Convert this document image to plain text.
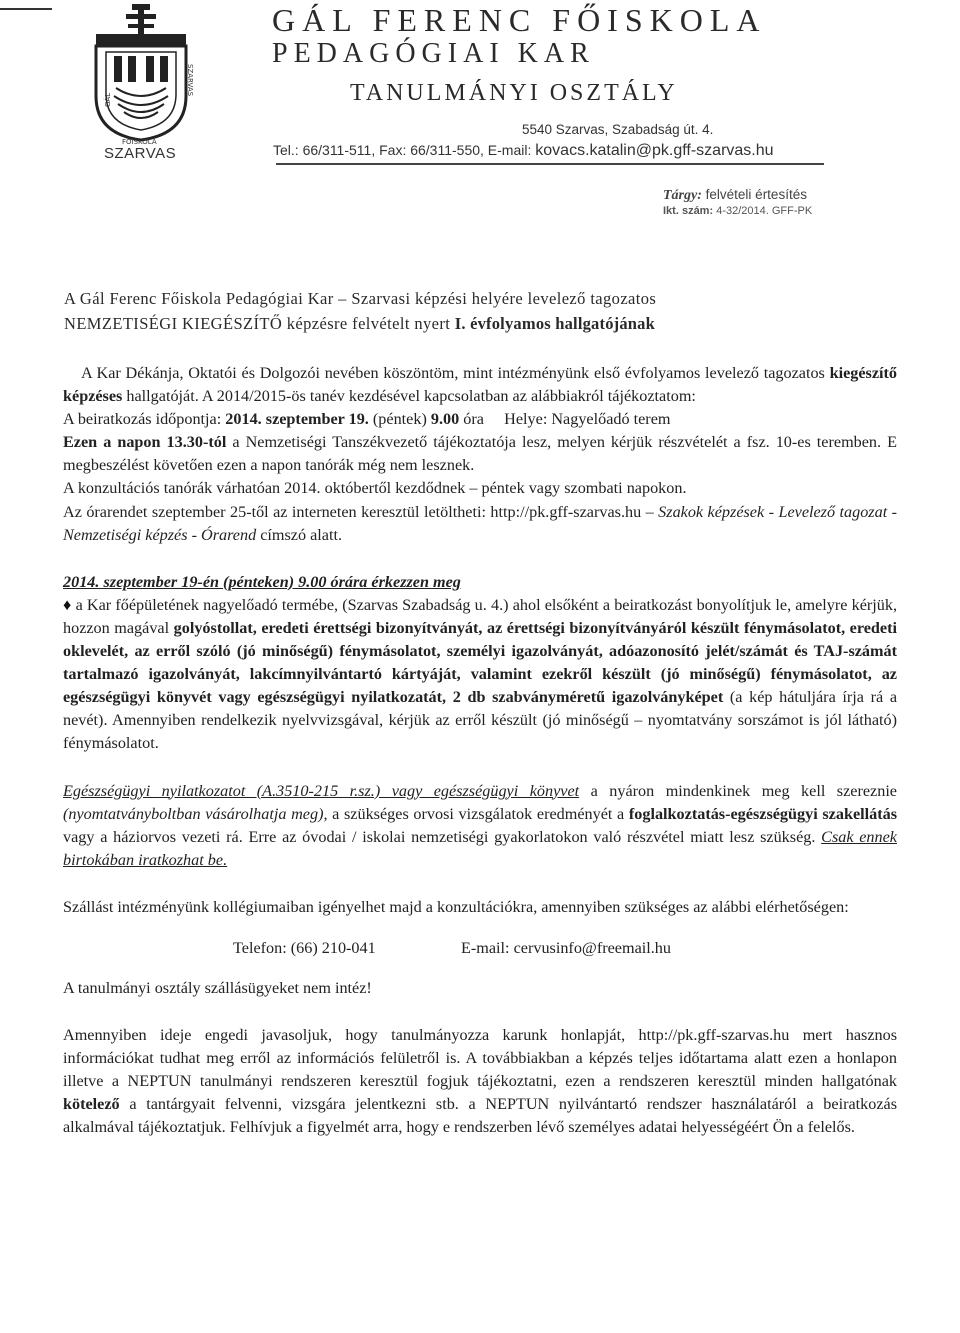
GÁL
FŐISKOLA
SZARVAS
SZARVAS
GÁL FERENC FŐISKOLA
PEDAGÓGIAI KAR
TANULMÁNYI OSZTÁLY
5540 Szarvas, Szabadság út. 4.
Tel.: 66/311-511, Fax: 66/311-550, E-mail: kovacs.katalin@pk.gff-szarvas.hu
Tárgy: felvételi értesítés
Ikt. szám: 4-32/2014. GFF-PK
A Gál Ferenc Főiskola Pedagógiai Kar – Szarvasi képzési helyére levelező tagozatos
NEMZETISÉGI KIEGÉSZÍTŐ képzésre felvételt nyert I. évfolyamos hallgatójának

A Kar Dékánja, Oktatói és Dolgozói nevében köszöntöm, mint intézményünk első évfolyamos levelező tagozatos kiegészítő képzéses hallgatóját. A 2014/2015-ös tanév kezdésével kapcsolatban az alábbiakról tájékoztatom:

A beiratkozás időpontja: 2014. szeptember 19. (péntek) 9.00 óra     Helye: Nagyelőadó terem

Ezen a napon 13.30-tól a Nemzetiségi Tanszékvezető tájékoztatója lesz, melyen kérjük részvételét a fsz. 10-es teremben. E megbeszélést követően ezen a napon tanórák még nem lesznek.

A konzultációs tanórák várhatóan 2014. októbertől kezdődnek – péntek vagy szombati napokon.

Az órarendet szeptember 25-től az interneten keresztül letöltheti: http://pk.gff-szarvas.hu – Szakok képzések - Levelező tagozat - Nemzetiségi képzés - Órarend címszó alatt.

2014. szeptember 19-én (pénteken) 9.00 órára érkezzen meg

♦ a Kar főépületének nagyelőadó termébe, (Szarvas Szabadság u. 4.) ahol elsőként a beiratkozást bonyolítjuk le, amelyre kérjük, hozzon magával golyóstollat, eredeti érettségi bizonyítványát, az érettségi bizonyítványáról készült fénymásolatot, eredeti oklevelét, az erről szóló (jó minőségű) fénymásolatot, személyi igazolványát, adóazonosító jelét/számát és TAJ-számát tartalmazó igazolványát, lakcímnyilvántartó kártyáját, valamint ezekről készült (jó minőségű) fénymásolatot, az egészségügyi könyvét vagy egészségügyi nyilatkozatát, 2 db szabványméretű igazolványképet (a kép hátuljára írja rá a nevét). Amennyiben rendelkezik nyelvvizsgával, kérjük az erről készült (jó minőségű – nyomtatvány sorszámot is jól látható) fénymásolatot.

Egészségügyi nyilatkozatot (A.3510-215 r.sz.) vagy egészségügyi könyvet a nyáron mindenkinek meg kell szereznie (nyomtatványboltban vásárolhatja meg), a szükséges orvosi vizsgálatok eredményét a foglalkoztatás-egészségügyi szakellátás vagy a háziorvos vezeti rá. Erre az óvodai / iskolai nemzetiségi gyakorlatokon való részvétel miatt lesz szükség. Csak ennek birtokában iratkozhat be.

Szállást intézményünk kollégiumaiban igényelhet majd a konzultációkra, amennyiben szükséges az alábbi elérhetőségen:

Telefon: (66) 210-041	E-mail: cervusinfo@freemail.hu

A tanulmányi osztály szállásügyeket nem intéz!

Amennyiben ideje engedi javasoljuk, hogy tanulmányozza karunk honlapját, http://pk.gff-szarvas.hu mert hasznos információkat tudhat meg erről az információs felületről is. A továbbiakban a képzés teljes időtartama alatt ezen a honlapon illetve a NEPTUN tanulmányi rendszeren keresztül fogjuk tájékoztatni, ezen a rendszeren keresztül minden hallgatónak kötelező a tantárgyait felvenni, vizsgára jelentkezni stb. a NEPTUN nyilvántartó rendszer használatáról a beiratkozás alkalmával tájékoztatjuk. Felhívjuk a figyelmét arra, hogy e rendszerben lévő személyes adatai helyességéért Ön a felelős.
